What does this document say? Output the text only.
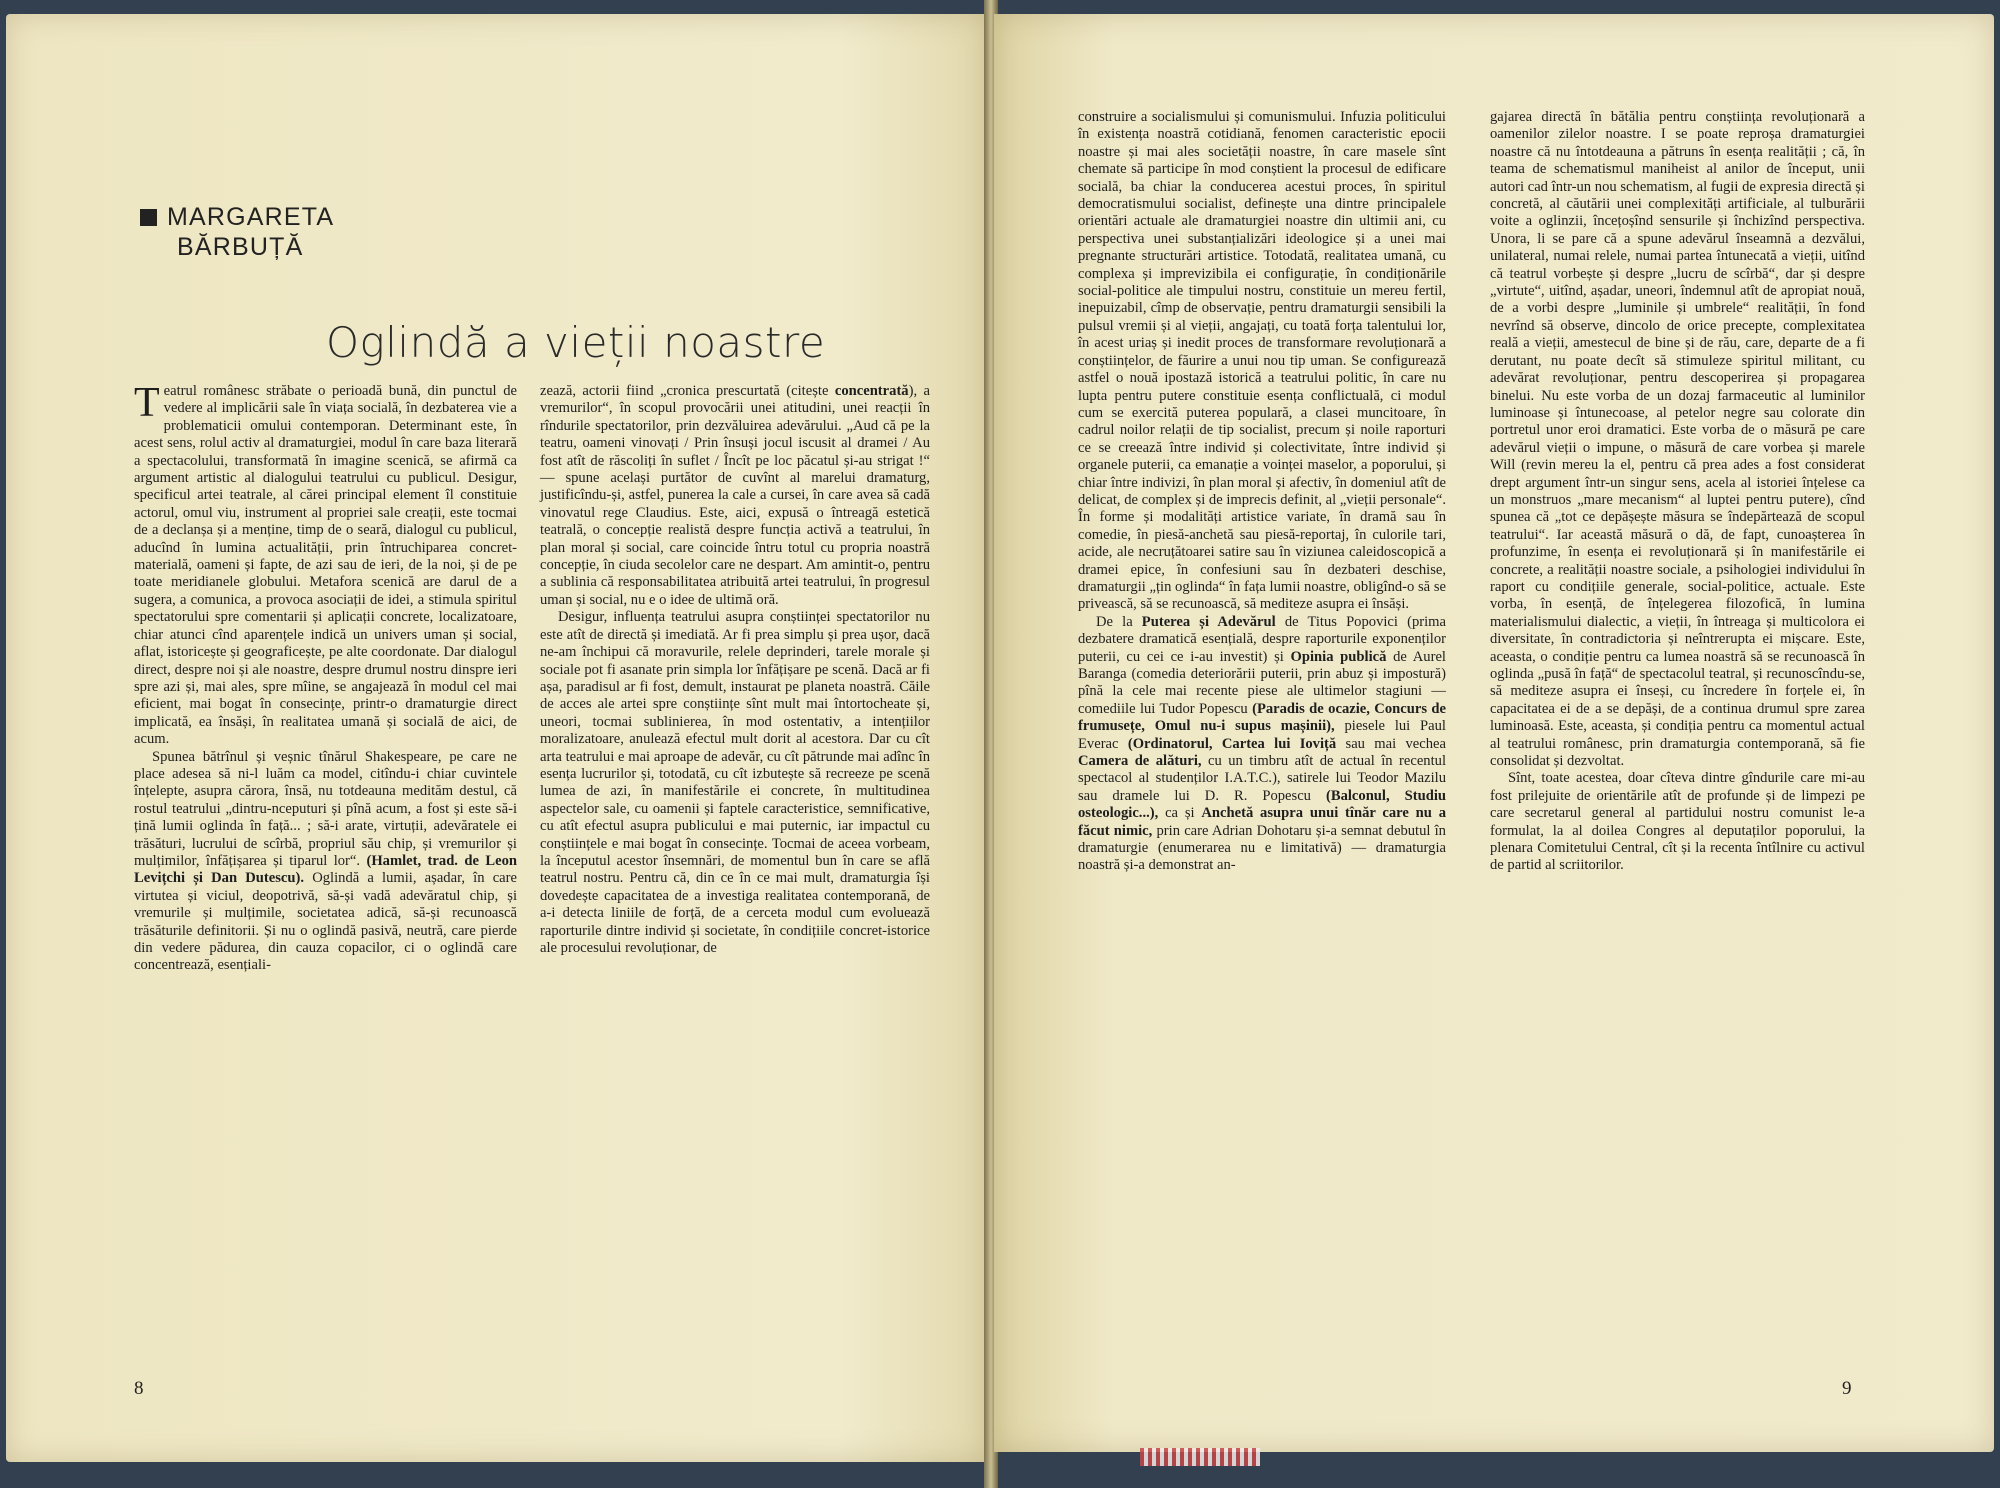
MARGARETA
BĂRBUȚĂ
Oglindă a vieții noastre

Teatrul românesc străbate o perioadă bună, din punctul de vedere al implicării sale în viața socială, în dezbaterea vie a problematicii omului contemporan. Determinant este, în acest sens, rolul activ al dramaturgiei, modul în care baza literară a spectacolului, transformată în imagine scenică, se afirmă ca argument artistic al dialogului teatrului cu publicul. Desigur, specificul artei teatrale, al cărei principal element îl constituie actorul, omul viu, instrument al propriei sale creații, este tocmai de a declanșa și a menține, timp de o seară, dialogul cu publicul, aducînd în lumina actualității, prin întruchiparea concret-materială, oameni și fapte, de azi sau de ieri, de la noi, și de pe toate meridianele globului. Metafora scenică are darul de a sugera, a comunica, a provoca asociații de idei, a stimula spiritul spectatorului spre comentarii și aplicații concrete, localizatoare, chiar atunci cînd aparențele indică un univers uman și social, aflat, istoricește și geograficește, pe alte coordonate. Dar dialogul direct, despre noi și ale noastre, despre drumul nostru dinspre ieri spre azi și, mai ales, spre mîine, se angajează în modul cel mai eficient, mai bogat în consecințe, printr-o dramaturgie direct implicată, ea însăși, în realitatea umană și socială de aici, de acum.

Spunea bătrînul și veșnic tînărul Shakespeare, pe care ne place adesea să ni-l luăm ca model, citîndu-i chiar cuvintele înțelepte, asupra cărora, însă, nu totdeauna medităm destul, că rostul teatrului „dintru-nceputuri și pînă acum, a fost și este să-i țină lumii oglinda în față... ; să-i arate, virtuții, adevăratele ei trăsături, lucrului de scîrbă, propriul său chip, și vremurilor și mulțimilor, înfățișarea și tiparul lor“. (Hamlet, trad. de Leon Levițchi și Dan Dutescu). Oglindă a lumii, așadar, în care virtutea și viciul, deopotrivă, să-și vadă adevăratul chip, și vremurile și mulțimile, societatea adică, să-și recunoască trăsăturile definitorii. Și nu o oglindă pasivă, neutră, care pierde din vedere pădurea, din cauza copacilor, ci o oglindă care concentrează, esențiali-

zează, actorii fiind „cronica prescurtată (citește concentrată), a vremurilor“, în scopul provocării unei atitudini, unei reacții în rîndurile spectatorilor, prin dezvăluirea adevărului. „Aud că pe la teatru, oameni vinovați / Prin însuși jocul iscusit al dramei / Au fost atît de răscoliți în suflet / Încît pe loc păcatul și-au strigat !“ — spune același purtător de cuvînt al marelui dramaturg, justificîndu-și, astfel, punerea la cale a cursei, în care avea să cadă vinovatul rege Claudius. Este, aici, expusă o întreagă estetică teatrală, o concepție realistă despre funcția activă a teatrului, în plan moral și social, care coincide întru totul cu propria noastră concepție, în ciuda secolelor care ne despart. Am amintit-o, pentru a sublinia că responsabilitatea atribuită artei teatrului, în progresul uman și social, nu e o idee de ultimă oră.

Desigur, influența teatrului asupra conștiinței spectatorilor nu este atît de directă și imediată. Ar fi prea simplu și prea ușor, dacă ne-am închipui că moravurile, relele deprinderi, tarele morale și sociale pot fi asanate prin simpla lor înfățișare pe scenă. Dacă ar fi așa, paradisul ar fi fost, demult, instaurat pe planeta noastră. Căile de acces ale artei spre conștiințe sînt mult mai întortocheate și, uneori, tocmai sublinierea, în mod ostentativ, a intențiilor moralizatoare, anulează efectul mult dorit al acestora. Dar cu cît arta teatrului e mai aproape de adevăr, cu cît pătrunde mai adînc în esența lucrurilor și, totodată, cu cît izbutește să recreeze pe scenă lumea de azi, în manifestările ei concrete, în multitudinea aspectelor sale, cu oamenii și faptele caracteristice, semnificative, cu atît efectul asupra publicului e mai puternic, iar impactul cu conștiințele e mai bogat în consecințe. Tocmai de aceea vorbeam, la începutul acestor însemnări, de momentul bun în care se află teatrul nostru. Pentru că, din ce în ce mai mult, dramaturgia își dovedește capacitatea de a investiga realitatea contemporană, de a-i detecta liniile de forță, de a cerceta modul cum evoluează raporturile dintre individ și societate, în condițiile concret-istorice ale procesului revoluționar, de

8

construire a socialismului și comunismului. Infuzia politicului în existența noastră cotidiană, fenomen caracteristic epocii noastre și mai ales societății noastre, în care masele sînt chemate să participe în mod conștient la procesul de edificare socială, ba chiar la conducerea acestui proces, în spiritul democratismului socialist, definește una dintre principalele orientări actuale ale dramaturgiei noastre din ultimii ani, cu perspectiva unei substanțializări ideologice și a unei mai pregnante structurări artistice. Totodată, realitatea umană, cu complexa și imprevizibila ei configurație, în condiționările social-politice ale timpului nostru, constituie un mereu fertil, inepuizabil, cîmp de observație, pentru dramaturgii sensibili la pulsul vremii și al vieții, angajați, cu toată forța talentului lor, în acest uriaș și inedit proces de transformare revoluționară a conștiințelor, de făurire a unui nou tip uman. Se configurează astfel o nouă ipostază istorică a teatrului politic, în care nu lupta pentru putere constituie esența conflictuală, ci modul cum se exercită puterea populară, a clasei muncitoare, în cadrul noilor relații de tip socialist, precum și noile raporturi ce se creează între individ și colectivitate, între individ și organele puterii, ca emanație a voinței maselor, a poporului, și chiar între indivizi, în plan moral și afectiv, în domeniul atît de delicat, de complex și de imprecis definit, al „vieții personale“. În forme și modalități artistice variate, în dramă sau în comedie, în piesă-anchetă sau piesă-reportaj, în culorile tari, acide, ale necruțătoarei satire sau în viziunea caleidoscopică a dramei epice, în confesiuni sau în dezbateri deschise, dramaturgii „țin oglinda“ în fața lumii noastre, obligînd-o să se privească, să se recunoască, să mediteze asupra ei însăși.

De la Puterea și Adevărul de Titus Popovici (prima dezbatere dramatică esențială, despre raporturile exponenților puterii, cu cei ce i-au investit) și Opinia publică de Aurel Baranga (comedia deteriorării puterii, prin abuz și impostură) pînă la cele mai recente piese ale ultimelor stagiuni — comediile lui Tudor Popescu (Paradis de ocazie, Concurs de frumusețe, Omul nu-i supus mașinii), piesele lui Paul Everac (Ordinatorul, Cartea lui Ioviță sau mai vechea Camera de alături, cu un timbru atît de actual în recentul spectacol al studenților I.A.T.C.), satirele lui Teodor Mazilu sau dramele lui D. R. Popescu (Balconul, Studiu osteologic...), ca și Anchetă asupra unui tînăr care nu a făcut nimic, prin care Adrian Dohotaru și-a semnat debutul în dramaturgie (enumerarea nu e limitativă) — dramaturgia noastră și-a demonstrat an-

gajarea directă în bătălia pentru conștiința revoluționară a oamenilor zilelor noastre. I se poate reproșa dramaturgiei noastre că nu întotdeauna a pătruns în esența realității ; că, în teama de schematismul maniheist al anilor de început, unii autori cad într-un nou schematism, al fugii de expresia directă și concretă, al căutării unei complexități artificiale, al tulburării voite a oglinzii, încețoșînd sensurile și închizînd perspectiva. Unora, li se pare că a spune adevărul înseamnă a dezvălui, unilateral, numai relele, numai partea întunecată a vieții, uitînd că teatrul vorbește și despre „lucru de scîrbă“, dar și despre „virtute“, uitînd, așadar, uneori, îndemnul atît de apropiat nouă, de a vorbi despre „luminile și umbrele“ realității, în fond nevrînd să observe, dincolo de orice precepte, complexitatea reală a vieții, amestecul de bine și de rău, care, departe de a fi derutant, nu poate decît să stimuleze spiritul militant, cu adevărat revoluționar, pentru descoperirea și propagarea binelui. Nu este vorba de un dozaj farmaceutic al luminilor luminoase și întunecoase, al petelor negre sau colorate din portretul unor eroi dramatici. Este vorba de o măsură pe care adevărul vieții o impune, o măsură de care vorbea și marele Will (revin mereu la el, pentru că prea ades a fost considerat drept argument într-un singur sens, acela al istoriei înțelese ca un monstruos „mare mecanism“ al luptei pentru putere), cînd spunea că „tot ce depășește măsura se îndepărtează de scopul teatrului“. Iar această măsură o dă, de fapt, cunoașterea în profunzime, în esența ei revoluționară și în manifestările ei concrete, a realității noastre sociale, a psihologiei individului în raport cu condițiile generale, social-politice, actuale. Este vorba, în esență, de înțelegerea filozofică, în lumina materialismului dialectic, a vieții, în întreaga și multicolora ei diversitate, în contradictoria și neîntrerupta ei mișcare. Este, aceasta, o condiție pentru ca lumea noastră să se recunoască în oglinda „pusă în față“ de spectacolul teatral, și recunoscîndu-se, să mediteze asupra ei înseși, cu încredere în forțele ei, în capacitatea ei de a se depăși, de a continua drumul spre zarea luminoasă. Este, aceasta, și condiția pentru ca momentul actual al teatrului românesc, prin dramaturgia contemporană, să fie consolidat și dezvoltat.

Sînt, toate acestea, doar cîteva dintre gîndurile care mi-au fost prilejuite de orientările atît de profunde și de limpezi pe care secretarul general al partidului nostru comunist le-a formulat, la al doilea Congres al deputaților poporului, la plenara Comitetului Central, cît și la recenta întîlnire cu activul de partid al scriitorilor.

9
